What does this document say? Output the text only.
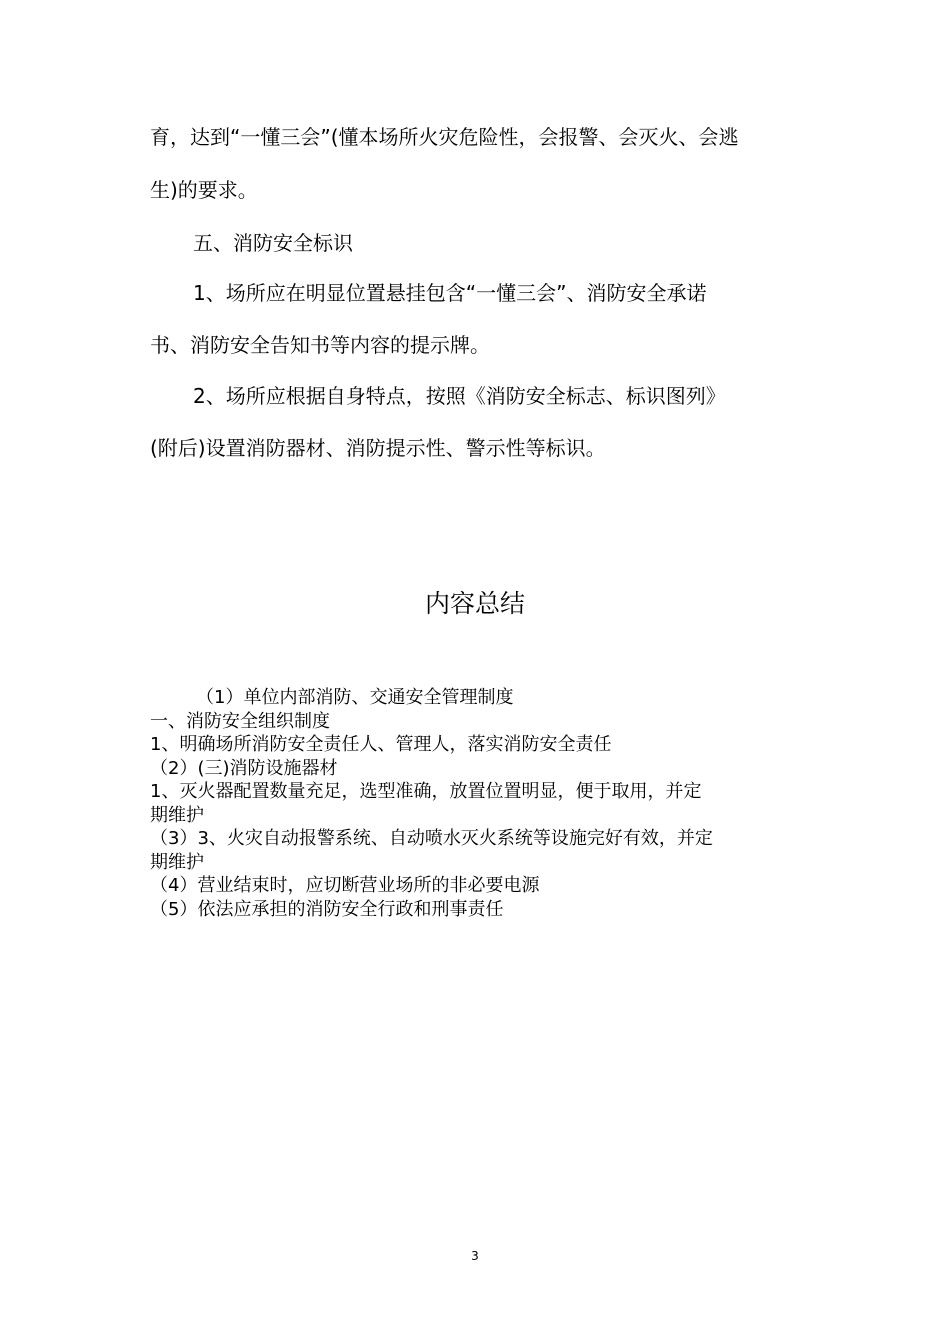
育，达到“一懂三会”(懂本场所火灾危险性，会报警、会灭火、会逃
生)的要求。
五、消防安全标识
1、场所应在明显位置悬挂包含“一懂三会”、消防安全承诺
书、消防安全告知书等内容的提示牌。
2、场所应根据自身特点，按照《消防安全标志、标识图列》
(附后)设置消防器材、消防提示性、警示性等标识。
内容总结
（1）单位内部消防、交通安全管理制度
一、消防安全组织制度
1、明确场所消防安全责任人、管理人，落实消防安全责任
（2）(三)消防设施器材
1、灭火器配置数量充足，选型准确，放置位置明显，便于取用，并定
期维护
（3）3、火灾自动报警系统、自动喷水灭火系统等设施完好有效，并定
期维护
（4）营业结束时，应切断营业场所的非必要电源
（5）依法应承担的消防安全行政和刑事责任
3
